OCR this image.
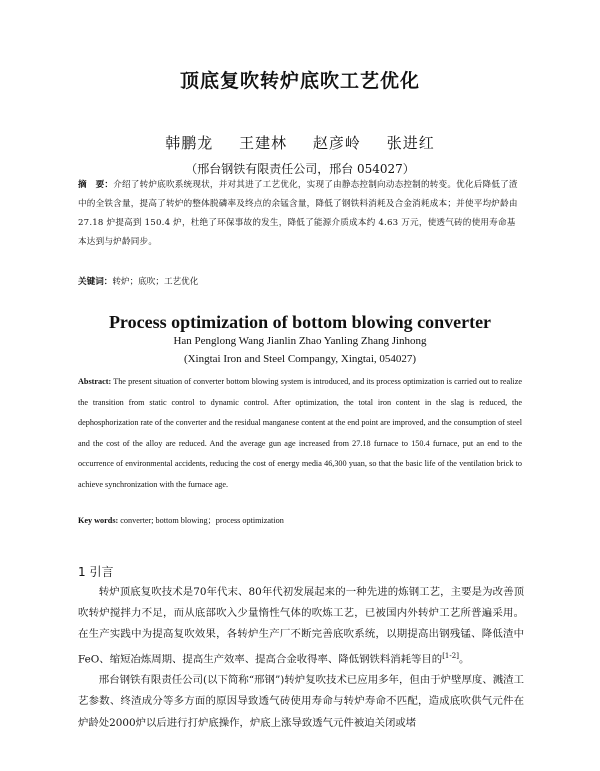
顶底复吹转炉底吹工艺优化
韩鹏龙 王建林 赵彦岭 张进红
（邢台钢铁有限责任公司，邢台 054027）
摘　要：介绍了转炉底吹系统现状，并对其进了工艺优化，实现了由静态控制向动态控制的转变。优化后降低了渣中的全铁含量，提高了转炉的整体脱磷率及终点的余锰含量，降低了钢铁料消耗及合金消耗成本；并使平均炉龄由 27.18 炉提高到 150.4 炉，杜绝了环保事故的发生，降低了能源介质成本约 4.63 万元，使透气砖的使用寿命基本达到与炉龄同步。
关键词：转炉；底吹；工艺优化
Process optimization of bottom blowing converter
Han Penglong Wang Jianlin Zhao Yanling Zhang Jinhong
(Xingtai Iron and Steel Compangy, Xingtai, 054027)
Abstract: The present situation of converter bottom blowing system is introduced, and its process optimization is carried out to realize the transition from static control to dynamic control. After optimization, the total iron content in the slag is reduced, the dephosphorization rate of the converter and the residual manganese content at the end point are improved, and the consumption of steel and the cost of the alloy are reduced. And the average gun age increased from 27.18 furnace to 150.4 furnace, put an end to the occurrence of environmental accidents, reducing the cost of energy media 46,300 yuan, so that the basic life of the ventilation brick to achieve synchronization with the furnace age.
Key words: converter; bottom blowing；process optimization
1 引言

转炉顶底复吹技术是70年代末、80年代初发展起来的一种先进的炼钢工艺，主要是为改善顶吹转炉搅拌力不足，而从底部吹入少量惰性气体的吹炼工艺，已被国内外转炉工艺所普遍采用。在生产实践中为提高复吹效果，各转炉生产厂不断完善底吹系统，以期提高出钢残锰、降低渣中FeO、缩短冶炼周期、提高生产效率、提高合金收得率、降低钢铁料消耗等目的[1-2]。

邢台钢铁有限责任公司(以下简称“邢钢”)转炉复吹技术已应用多年，但由于炉壁厚度、溅渣工艺参数、终渣成分等多方面的原因导致透气砖使用寿命与转炉寿命不匹配，造成底吹供气元件在炉龄处2000炉以后进行打炉底操作，炉底上涨导致透气元件被迫关闭或堵
